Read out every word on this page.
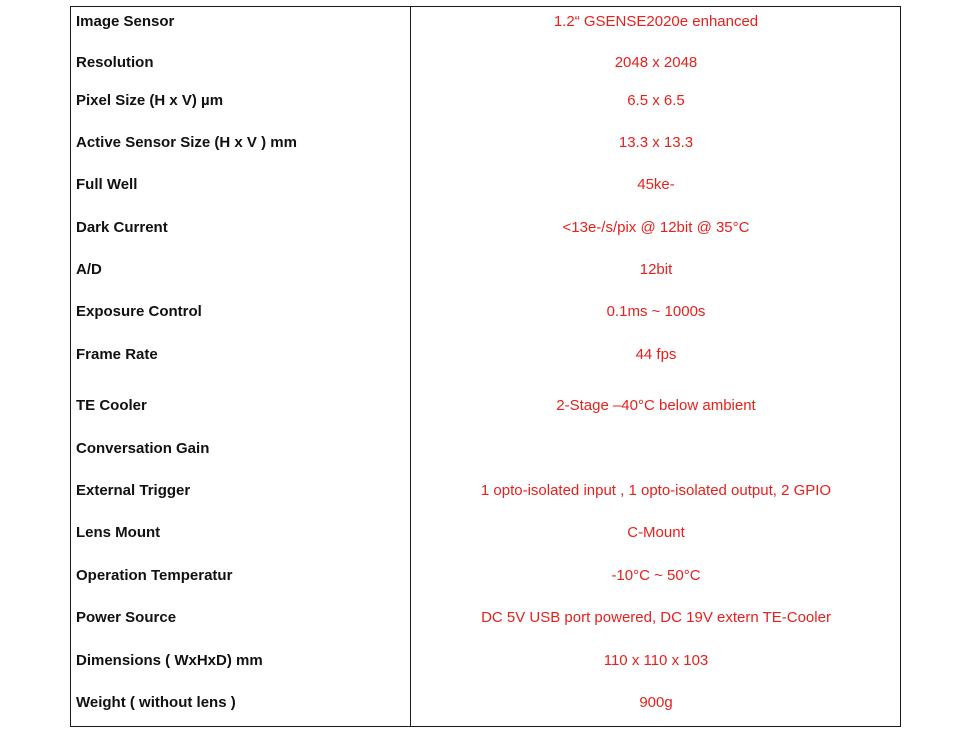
Image Sensor	1.2“ GSENSE2020e enhanced
Resolution	2048 x 2048
Pixel Size (H x V) µm	6.5 x 6.5
Active Sensor Size (H x V ) mm	13.3 x 13.3
Full Well	45ke-
Dark Current	<13e-/s/pix @ 12bit @ 35°C
A/D	12bit
Exposure Control	0.1ms ~ 1000s
Frame Rate	44 fps
TE Cooler	2-Stage –40°C below ambient
Conversation Gain
External Trigger	1 opto-isolated input , 1 opto-isolated output, 2 GPIO
Lens Mount	C-Mount
Operation Temperatur	-10°C ~ 50°C
Power Source	DC 5V USB port powered, DC 19V extern TE-Cooler
Dimensions ( WxHxD) mm	110 x 110 x 103
Weight ( without lens )	900g
